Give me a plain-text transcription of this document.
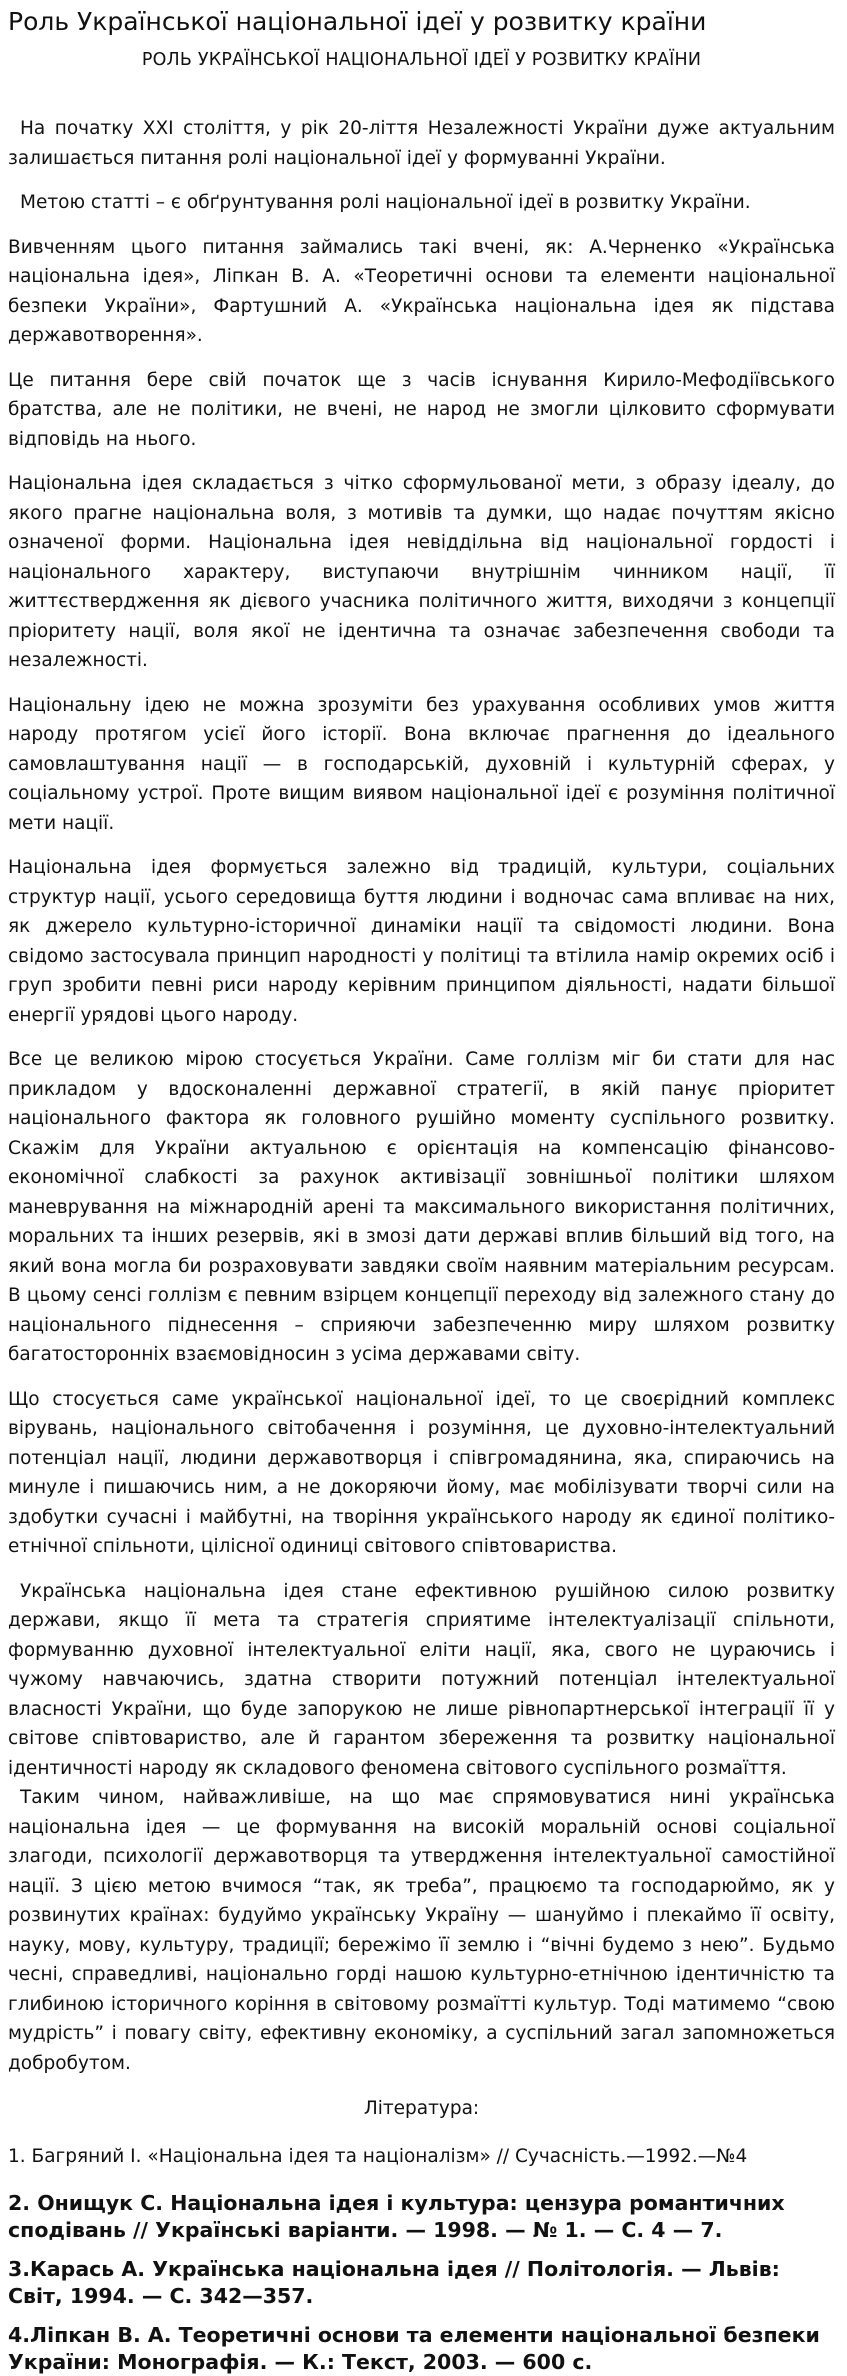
Роль Української національної ідеї у розвитку країни
РОЛЬ УКРАЇНСЬКОЇ НАЦІОНАЛЬНОЇ ІДЕЇ У РОЗВИТКУ КРАЇНИ

На початку XXI століття, у рік 20-ліття Незалежності України дуже актуальним залишається питання ролі національної ідеї у формуванні України.

Метою статті – є обґрунтування ролі національної ідеї в розвитку України.

Вивченням цього питання займались такі вчені, як: А.Черненко «Українська національна ідея», Ліпкан В. А. «Теоретичні основи та елементи національної безпеки України», Фартушний А. «Українська національна ідея як підстава державотворення».

Це питання бере свій початок ще з часів існування Кирило-Мефодіївського братства, але не політики, не вчені, не народ не змогли цілковито сформувати відповідь на нього.

Національна ідея складається з чітко сформульованої мети, з образу ідеалу, до якого прагне національна воля, з мотивів та думки, що надає почуттям якісно означеної форми. Національна ідея невіддільна від національної гордості і національного характеру, виступаючи внутрішнім чинником нації, її життєствердження як дієвого учасника політичного життя, виходячи з концепції пріоритету нації, воля якої не ідентична та означає забезпечення свободи та незалежності.

Національну ідею не можна зрозуміти без урахування особливих умов життя народу протягом усієї його історії. Вона включає прагнення до ідеального самовлаштування нації — в господарській, духовній і культурній сферах, у соціальному устрої. Проте вищим виявом національної ідеї є розуміння політичної мети нації.

Національна ідея формується залежно від традицій, культури, соціальних структур нації, усього середовища буття людини і водночас сама впливає на них, як джерело культурно-історичної динаміки нації та свідомості людини. Вона свідомо застосувала принцип народності у політиці та втілила намір окремих осіб і груп зробити певні риси народу керівним принципом діяльності, надати більшої енергії урядові цього народу.

Все це великою мірою стосується України. Саме голлізм міг би стати для нас прикладом у вдосконаленні державної стратегії, в якій панує пріоритет національного фактора як головного рушійно моменту суспільного розвитку. Скажім для України актуальною є орієнтація на компенсацію фінансово-економічної слабкості за рахунок активізації зовнішньої політики шляхом маневрування на міжнародній арені та максимального використання політичних, моральних та інших резервів, які в змозі дати державі вплив більший від того, на який вона могла би розраховувати завдяки своїм наявним матеріальним ресурсам. В цьому сенсі голлізм є певним взірцем концепції переходу від залежного стану до національного піднесення – сприяючи забезпеченню миру шляхом розвитку багатосторонніх взаємовідносин з усіма державами світу.

Що стосується саме української національної ідеї, то це своєрідний комплекс вірувань, національного світобачення і розуміння, це духовно-інтелектуальний потенціал нації, людини державотворця і співгромадянина, яка, спираючись на минуле і пишаючись ним, а не докоряючи йому, має мобілізувати творчі сили на здобутки сучасні і майбутні, на творіння українського народу як єдиної політико-етнічної спільноти, цілісної одиниці світового співтовариства.

Українська національна ідея стане ефективною рушійною силою розвитку держави, якщо її мета та стратегія сприятиме інтелектуалізації спільноти, формуванню духовної інтелектуальної еліти нації, яка, свого не цураючись і чужому навчаючись, здатна створити потужний потенціал інтелектуальної власності України, що буде запорукою не лише рівнопартнерської інтеграції її у світове співтовариство, але й гарантом збереження та розвитку національної ідентичності народу як складового феномена світового суспільного розмаїття.

Таким чином, найважливіше, на що має спрямовуватися нині українська національна ідея — це формування на високій моральній основі соціальної злагоди, психології державотворця та утвердження інтелектуальної самостійної нації. З цією метою вчимося “так, як треба”, працюємо та господарюймо, як у розвинутих країнах: будуймо українську Україну — шануймо і плекаймо її освіту, науку, мову, культуру, традиції; бережімо її землю і “вічні будемо з нею”. Будьмо чесні, справедливі, національно горді нашою культурно-етнічною ідентичністю та глибиною історичного коріння в світовому розмаїтті культур. Тоді матимемо “свою мудрість” і повагу світу, ефективну економіку, а суспільний загал запомножеться добробутом.

Література:
1. Багряний І. «Національна ідея та націоналізм» // Сучасність.—1992.—№4
2. Онищук С. Національна ідея і культура: цензура романтичних сподівань // Українські варіанти. — 1998. — № 1. — С. 4 — 7.
3.Карась А. Українська національна ідея // Політологія. — Львів: Світ, 1994. — С. 342—357.
4.Ліпкан В. А. Теоретичні основи та елементи національної безпеки України: Монографія. — К.: Текст, 2003. — 600 с.
